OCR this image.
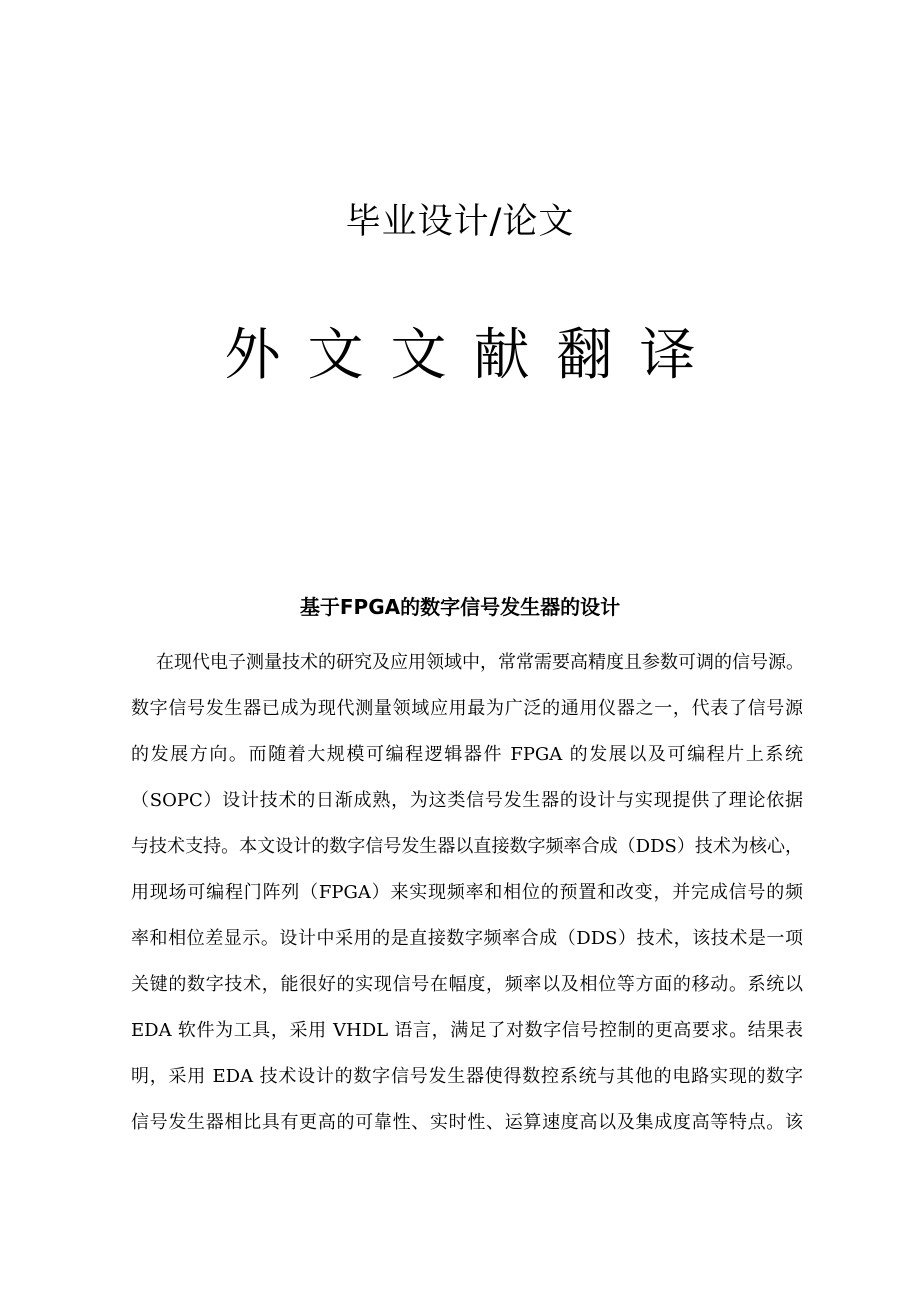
毕业设计/论文
外文文献翻译
基于FPGA的数字信号发生器的设计
在现代电子测量技术的研究及应用领域中，常常需要高精度且参数可调的信号源。
数字信号发生器已成为现代测量领域应用最为广泛的通用仪器之一，代表了信号源
的发展方向。而随着大规模可编程逻辑器件 FPGA 的发展以及可编程片上系统
（SOPC）设计技术的日渐成熟，为这类信号发生器的设计与实现提供了理论依据
与技术支持。本文设计的数字信号发生器以直接数字频率合成（DDS）技术为核心，
用现场可编程门阵列（FPGA）来实现频率和相位的预置和改变，并完成信号的频
率和相位差显示。设计中采用的是直接数字频率合成（DDS）技术，该技术是一项
关键的数字技术，能很好的实现信号在幅度，频率以及相位等方面的移动。系统以
EDA 软件为工具，采用 VHDL 语言，满足了对数字信号控制的更高要求。结果表
明，采用 EDA 技术设计的数字信号发生器使得数控系统与其他的电路实现的数字
信号发生器相比具有更高的可靠性、实时性、运算速度高以及集成度高等特点。该
